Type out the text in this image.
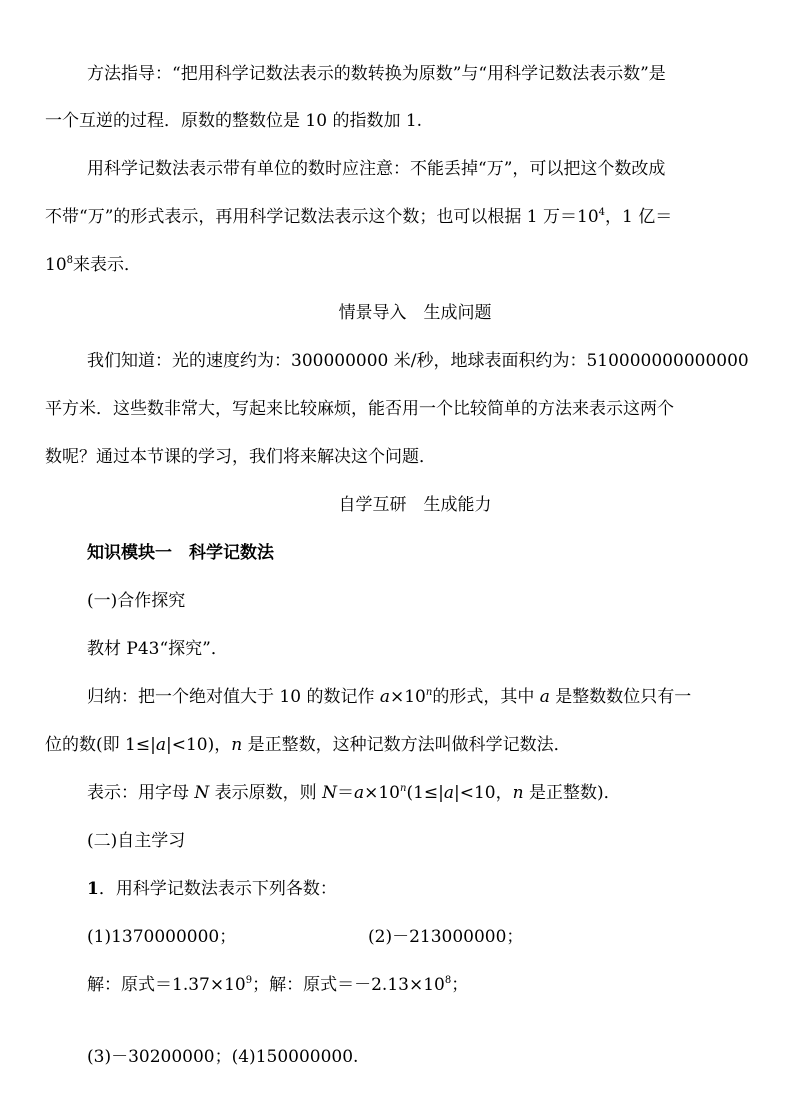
方法指导：“把用科学记数法表示的数转换为原数”与“用科学记数法表示数”是
一个互逆的过程．原数的整数位是 10 的指数加 1.
用科学记数法表示带有单位的数时应注意：不能丢掉“万”，可以把这个数改成
不带“万”的形式表示，再用科学记数法表示这个数；也可以根据 1 万$=10^4$，1 亿＝
$10^8$来表示．
情景导入　生成问题
我们知道：光的速度约为：300000000 米/秒，地球表面积约为：510000000000000
平方米．这些数非常大，写起来比较麻烦，能否用一个比较简单的方法来表示这两个
数呢？通过本节课的学习，我们将来解决这个问题．
自学互研　生成能力
知识模块一　科学记数法
(一)合作探究
教材 P43“探究”．
归纳：把一个绝对值大于 10 的数记作 $a\times 10^n$的形式，其中 a 是整数数位只有一
位的数(即 1≤|a|<10)，n 是正整数，这种记数方法叫做科学记数法．
表示：用字母 N 表示原数，则 $N=a\times 10^n(1\le|a|<10$，n 是正整数)．
(二)自主学习
1．用科学记数法表示下列各数：
(1)1370000000；	(2)－213000000；
解：原式$=1.37\times 10^9$；解：原式$=-2.13\times 10^8$；
(3)－30200000；(4)150000000.
